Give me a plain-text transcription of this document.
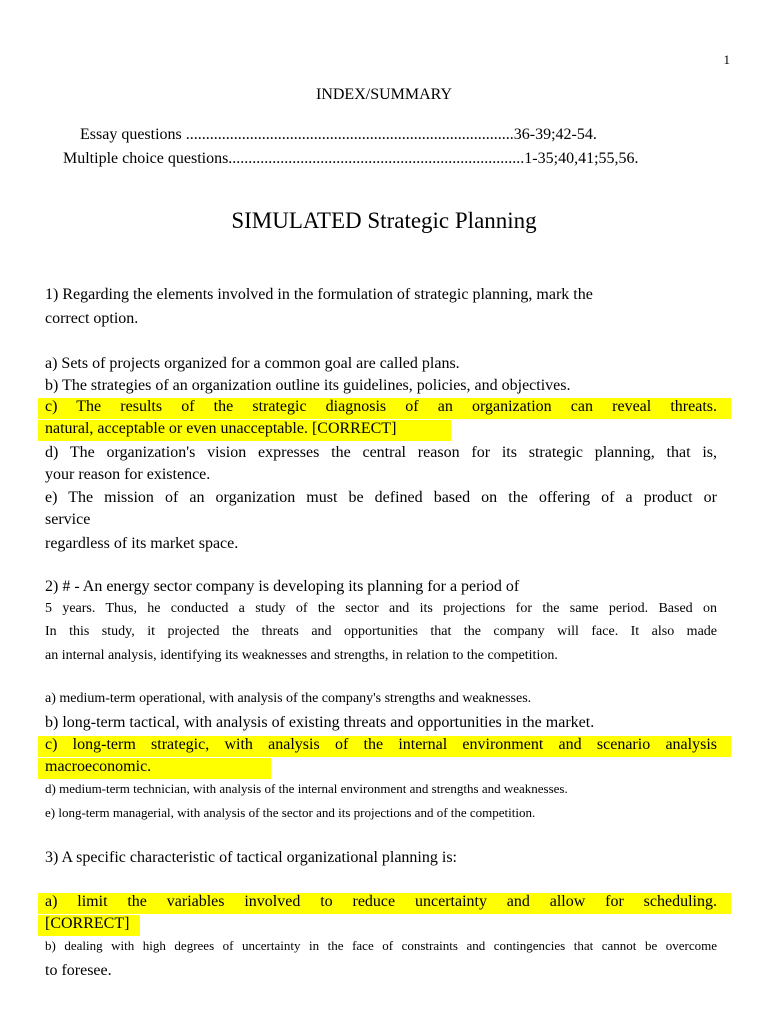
1
INDEX/SUMMARY
Essay questions ..................................................................................36-39;42-54.
Multiple choice questions..........................................................................1-35;40,41;55,56.
SIMULATED Strategic Planning
1) Regarding the elements involved in the formulation of strategic planning, mark the
correct option.
a) Sets of projects organized for a common goal are called plans.
b) The strategies of an organization outline its guidelines, policies, and objectives.
c) The results of the strategic diagnosis of an organization can reveal threats.
natural, acceptable or even unacceptable. [CORRECT]
d) The organization's vision expresses the central reason for its strategic planning, that is,
your reason for existence.
e) The mission of an organization must be defined based on the offering of a product or
service
regardless of its market space.
2) # - An energy sector company is developing its planning for a period of
5 years. Thus, he conducted a study of the sector and its projections for the same period. Based on
In this study, it projected the threats and opportunities that the company will face. It also made
an internal analysis, identifying its weaknesses and strengths, in relation to the competition.
a) medium-term operational, with analysis of the company's strengths and weaknesses.
b) long-term tactical, with analysis of existing threats and opportunities in the market.
c) long-term strategic, with analysis of the internal environment and scenario analysis
macroeconomic.
d) medium-term technician, with analysis of the internal environment and strengths and weaknesses.
e) long-term managerial, with analysis of the sector and its projections and of the competition.
3) A specific characteristic of tactical organizational planning is:
a) limit the variables involved to reduce uncertainty and allow for scheduling.
[CORRECT]
b) dealing with high degrees of uncertainty in the face of constraints and contingencies that cannot be overcome
to foresee.
